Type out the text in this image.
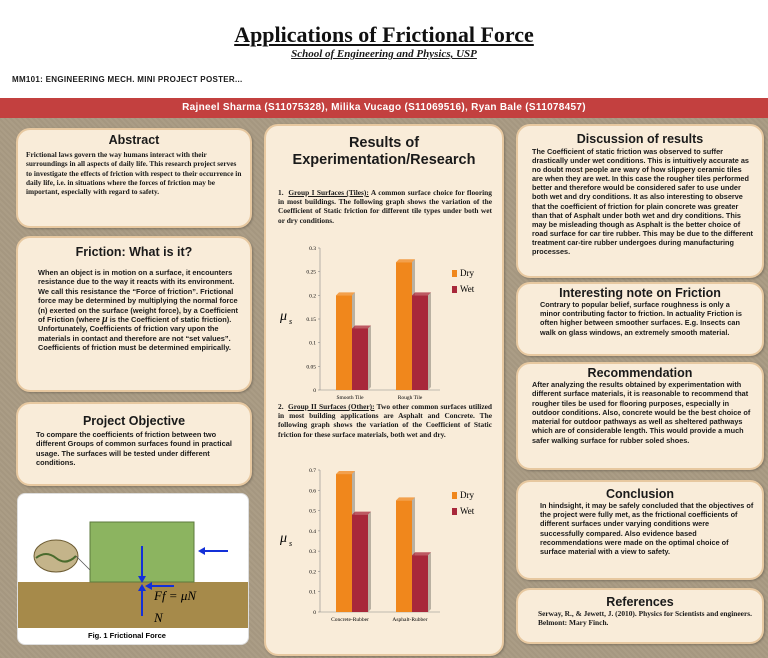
Applications of Frictional Force
School of Engineering and Physics, USP
MM101: ENGINEERING MECH. MINI PROJECT POSTER...
Rajneel Sharma (S11075328), Milika Vucago (S11069516), Ryan Bale (S11078457)
Abstract
Frictional laws govern the way humans interact with their surroundings in all aspects of daily life. This research project serves to investigate the effects of friction with respect to their occurrence in daily life, i.e. in situations where the forces of friction may be important, especially with regard to safety.
Friction: What is it?
When an object is in motion on a surface, it encounters resistance due to the way it reacts with its environment. We call this resistance the “Force of friction”. Frictional force may be determined by multiplying the normal force (n) exerted on the surface (weight force), by a Coefficient of Friction (where μ is the Coefficient of static friction). Unfortunately, Coefficients of friction vary upon the materials in contact and therefore are not “set values”. Coefficients of friction must be determined empirically.
Project Objective
To compare the coefficients of friction between two different Groups of common surfaces found in practical usage. The surfaces will be tested under different conditions.
Ff = μN
N
Fig. 1 Frictional Force
Results of
Experimentation/Research
1. Group I Surfaces (Tiles): A common surface choice for flooring in most buildings. The following graph shows the variation of the Coefficient of Static friction for different tile types under both wet or dry conditions.
2. Group II Surfaces (Other): Two other common surfaces utilized in most building applications are Asphalt and Concrete. The following graph shows the variation of the Coefficient of Static friction for these surface materials, both wet and dry.
μ s
0
0.05
0.1
0.15
0.2
0.25
0.3
Smooth Tile	Rough Tile
Dry
Wet
μ s
0
0.1
0.2
0.3
0.4
0.5
0.6
0.7
Concrete-Rubber	Asphalt-Rubber
Dry
Wet
Discussion of results
The Coefficient of static friction was observed to suffer drastically under wet conditions. This is intuitively accurate as no doubt most people are wary of how slippery ceramic tiles are when they are wet. In this case the rougher tiles performed better and therefore would be considered safer to use under both wet and dry conditions. It as also interesting to observe that the coefficient of friction for plain concrete was greater than that of Asphalt under both wet and dry conditions. This may be misleading though as Asphalt is the better choice of road surface for car tire rubber. This may be due to the different treatment car-tire rubber undergoes during manufacturing processes.
Interesting note on Friction
Contrary to popular belief, surface roughness is only a minor contributing factor to friction. In actuality Friction is often higher between smoother surfaces. E.g. Insects can walk on glass windows, an extremely smooth material.
Recommendation
After analyzing the results obtained by experimentation with different surface materials, it is reasonable to recommend that rougher tiles be used for flooring purposes, especially in outdoor conditions. Also, concrete would be the best choice of material for outdoor pathways as well as sheltered pathways which are of considerable length. This would provide a much safer walking surface for rubber soled shoes.
Conclusion
In hindsight, it may be safely concluded that the objectives of the project were fully met, as the frictional coefficients of different surfaces under varying conditions were successfully compared. Also evidence based recommendations were made on the optimal choice of surface material with a view to safety.
References
Serway, R., & Jewett, J. (2010). Physics for Scientists and engineers. Belmont: Mary Finch.
